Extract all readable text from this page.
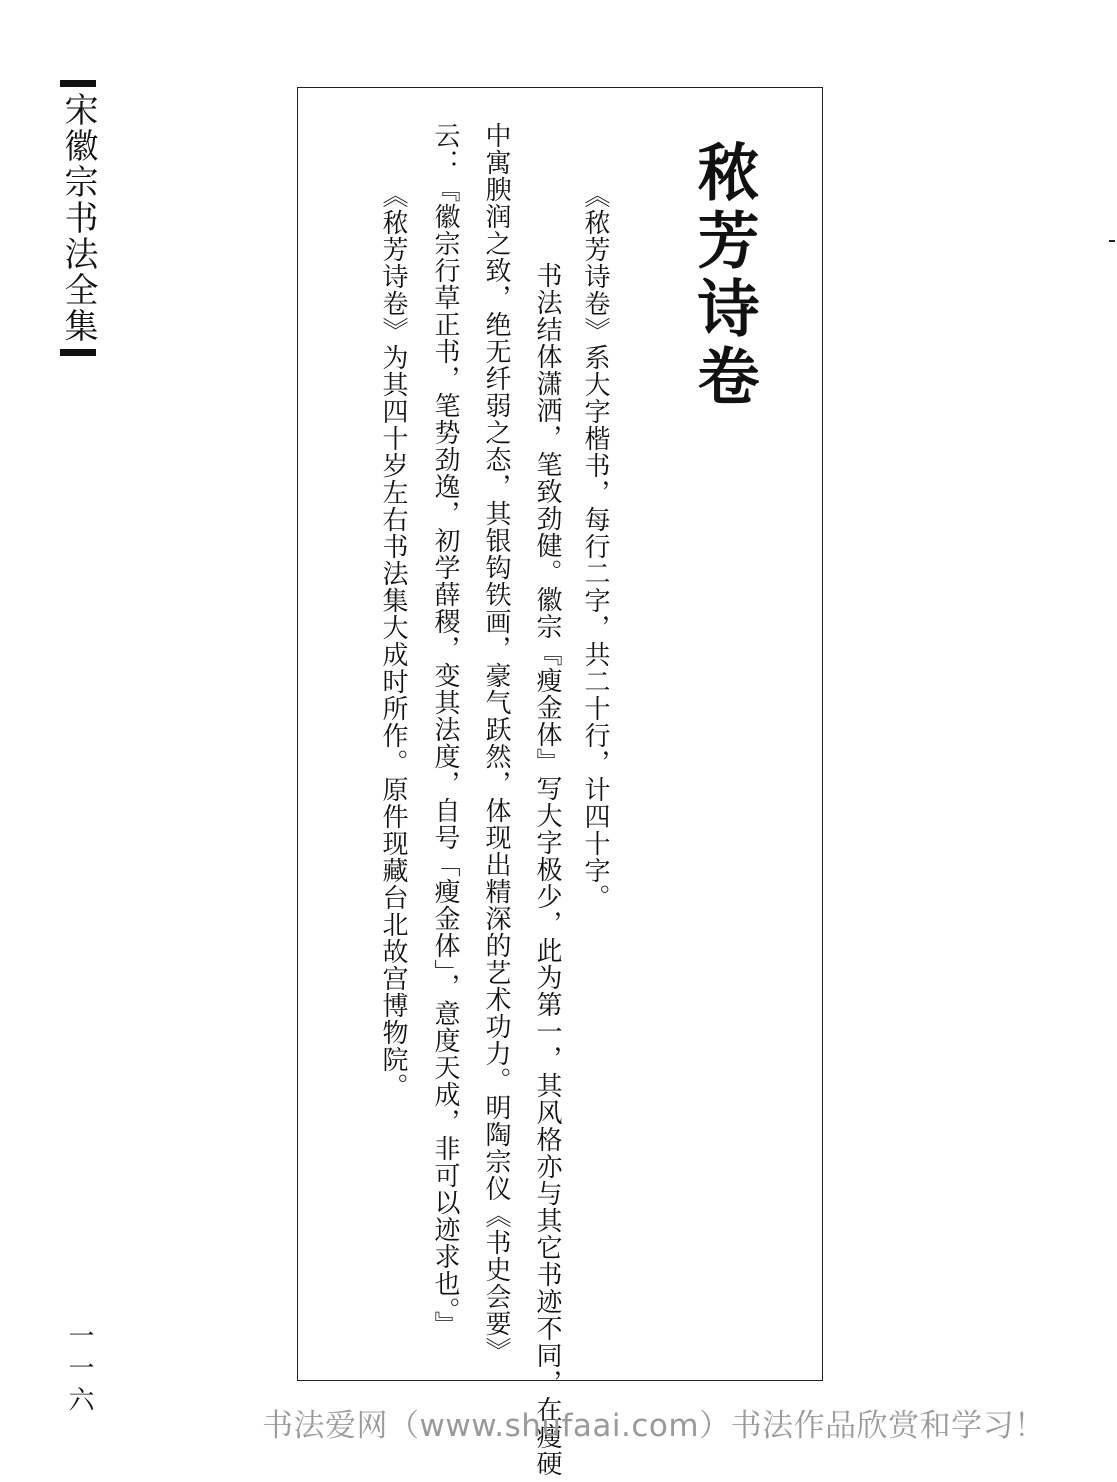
宋徽宗书法全集
一一六
秾芳诗卷
《秾芳诗卷》系大字楷书，每行二字，共二十行，计四十字。
书法结体潇洒，笔致劲健。徽宗『瘦金体』写大字极少，此为第一，其风格亦与其它书迹不同，在瘦硬
中寓腴润之致，绝无纤弱之态，其银钩铁画，豪气跃然，体现出精深的艺术功力。明陶宗仪《书史会要》
云：『徽宗行草正书，笔势劲逸，初学薛稷，变其法度，自号「瘦金体」，意度天成，非可以迹求也。』
《秾芳诗卷》为其四十岁左右书法集大成时所作。原件现藏台北故宫博物院。
书法爱网（www.shufaai.com）书法作品欣赏和学习！
